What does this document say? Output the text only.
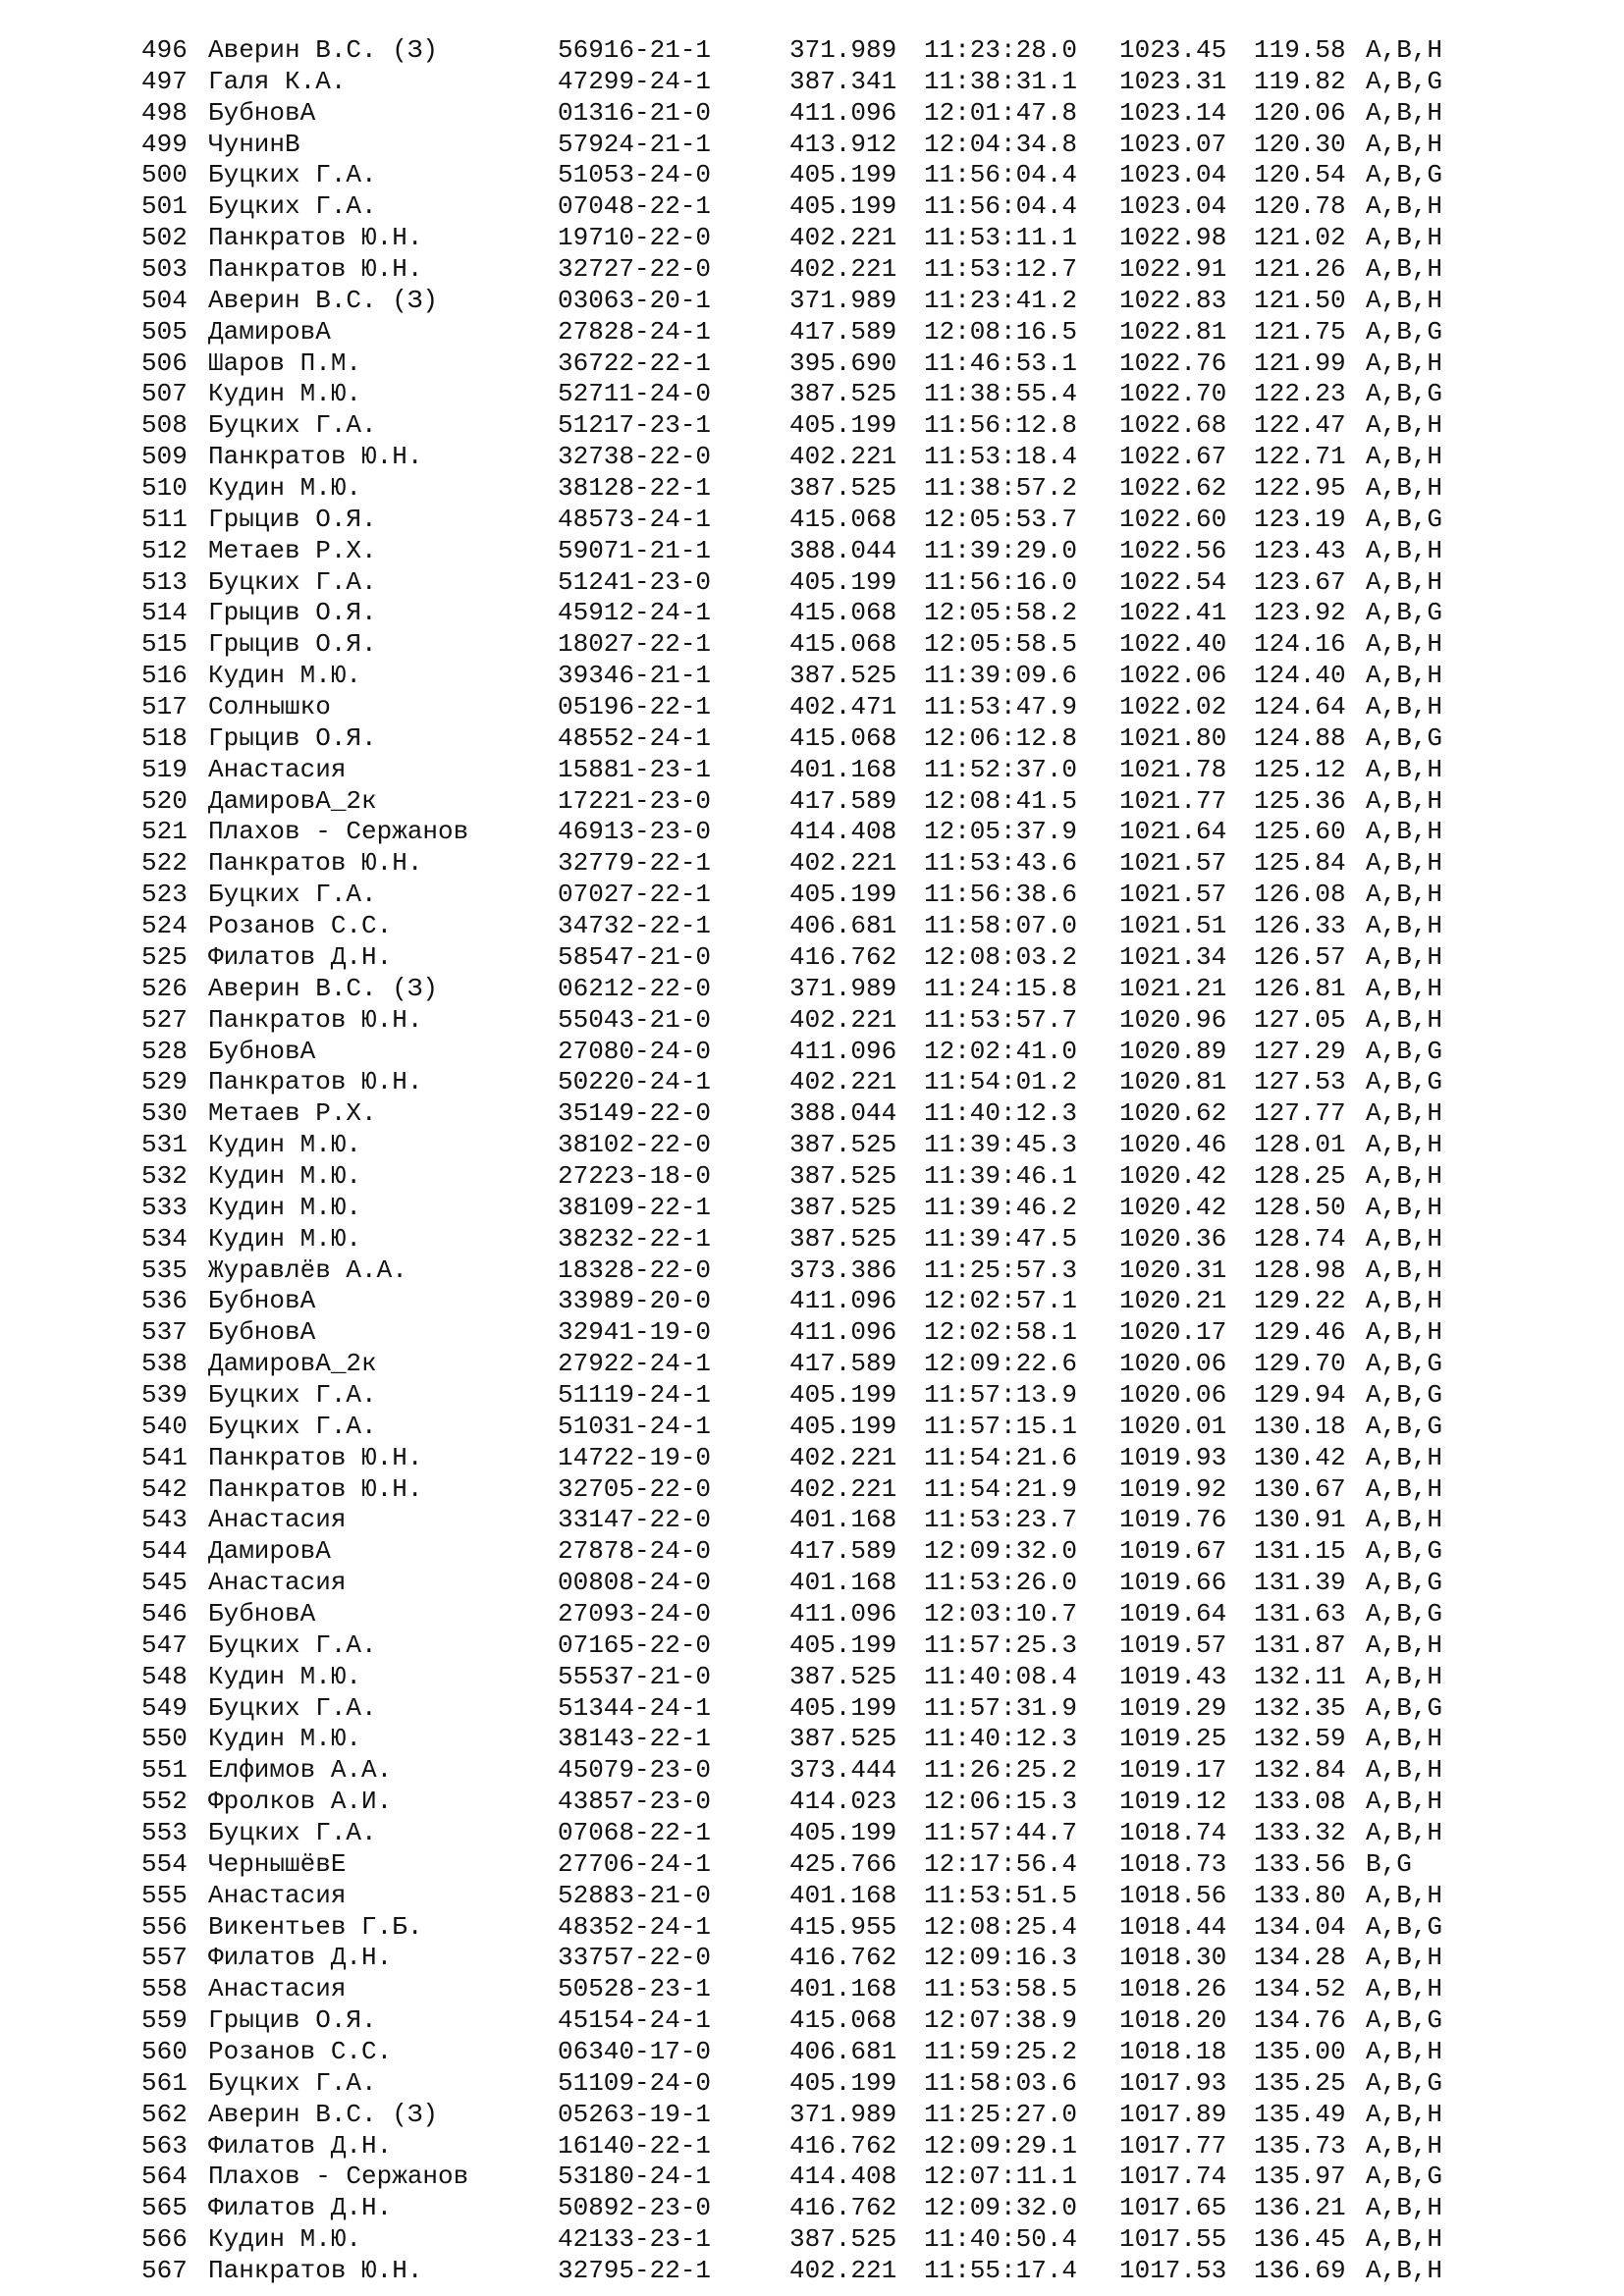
496 Аверин В.С. (З)	56916-21-1	371.989 11:23:28.0 1023.45 119.58 A,B,H
497 Галя К.А.	47299-24-1	387.341 11:38:31.1 1023.31 119.82 A,B,G
498 БубновА	01316-21-0	411.096 12:01:47.8 1023.14 120.06 A,B,H
499 ЧунинВ	57924-21-1	413.912 12:04:34.8 1023.07 120.30 A,B,H
500 Буцких Г.А.	51053-24-0	405.199 11:56:04.4 1023.04 120.54 A,B,G
501 Буцких Г.А.	07048-22-1	405.199 11:56:04.4 1023.04 120.78 A,B,H
502 Панкратов Ю.Н.	19710-22-0	402.221 11:53:11.1 1022.98 121.02 A,B,H
503 Панкратов Ю.Н.	32727-22-0	402.221 11:53:12.7 1022.91 121.26 A,B,H
504 Аверин В.С. (З)	03063-20-1	371.989 11:23:41.2 1022.83 121.50 A,B,H
505 ДамировА	27828-24-1	417.589 12:08:16.5 1022.81 121.75 A,B,G
506 Шаров П.М.	36722-22-1	395.690 11:46:53.1 1022.76 121.99 A,B,H
507 Кудин М.Ю.	52711-24-0	387.525 11:38:55.4 1022.70 122.23 A,B,G
508 Буцких Г.А.	51217-23-1	405.199 11:56:12.8 1022.68 122.47 A,B,H
509 Панкратов Ю.Н.	32738-22-0	402.221 11:53:18.4 1022.67 122.71 A,B,H
510 Кудин М.Ю.	38128-22-1	387.525 11:38:57.2 1022.62 122.95 A,B,H
511 Грыцив О.Я.	48573-24-1	415.068 12:05:53.7 1022.60 123.19 A,B,G
512 Метаев Р.Х.	59071-21-1	388.044 11:39:29.0 1022.56 123.43 A,B,H
513 Буцких Г.А.	51241-23-0	405.199 11:56:16.0 1022.54 123.67 A,B,H
514 Грыцив О.Я.	45912-24-1	415.068 12:05:58.2 1022.41 123.92 A,B,G
515 Грыцив О.Я.	18027-22-1	415.068 12:05:58.5 1022.40 124.16 A,B,H
516 Кудин М.Ю.	39346-21-1	387.525 11:39:09.6 1022.06 124.40 A,B,H
517 Солнышко	05196-22-1	402.471 11:53:47.9 1022.02 124.64 A,B,H
518 Грыцив О.Я.	48552-24-1	415.068 12:06:12.8 1021.80 124.88 A,B,G
519 Анастасия	15881-23-1	401.168 11:52:37.0 1021.78 125.12 A,B,H
520 ДамировА_2к	17221-23-0	417.589 12:08:41.5 1021.77 125.36 A,B,H
521 Плахов - Сержанов	46913-23-0	414.408 12:05:37.9 1021.64 125.60 A,B,H
522 Панкратов Ю.Н.	32779-22-1	402.221 11:53:43.6 1021.57 125.84 A,B,H
523 Буцких Г.А.	07027-22-1	405.199 11:56:38.6 1021.57 126.08 A,B,H
524 Розанов С.С.	34732-22-1	406.681 11:58:07.0 1021.51 126.33 A,B,H
525 Филатов Д.Н.	58547-21-0	416.762 12:08:03.2 1021.34 126.57 A,B,H
526 Аверин В.С. (З)	06212-22-0	371.989 11:24:15.8 1021.21 126.81 A,B,H
527 Панкратов Ю.Н.	55043-21-0	402.221 11:53:57.7 1020.96 127.05 A,B,H
528 БубновА	27080-24-0	411.096 12:02:41.0 1020.89 127.29 A,B,G
529 Панкратов Ю.Н.	50220-24-1	402.221 11:54:01.2 1020.81 127.53 A,B,G
530 Метаев Р.Х.	35149-22-0	388.044 11:40:12.3 1020.62 127.77 A,B,H
531 Кудин М.Ю.	38102-22-0	387.525 11:39:45.3 1020.46 128.01 A,B,H
532 Кудин М.Ю.	27223-18-0	387.525 11:39:46.1 1020.42 128.25 A,B,H
533 Кудин М.Ю.	38109-22-1	387.525 11:39:46.2 1020.42 128.50 A,B,H
534 Кудин М.Ю.	38232-22-1	387.525 11:39:47.5 1020.36 128.74 A,B,H
535 Журавлёв А.А.	18328-22-0	373.386 11:25:57.3 1020.31 128.98 A,B,H
536 БубновА	33989-20-0	411.096 12:02:57.1 1020.21 129.22 A,B,H
537 БубновА	32941-19-0	411.096 12:02:58.1 1020.17 129.46 A,B,H
538 ДамировА_2к	27922-24-1	417.589 12:09:22.6 1020.06 129.70 A,B,G
539 Буцких Г.А.	51119-24-1	405.199 11:57:13.9 1020.06 129.94 A,B,G
540 Буцких Г.А.	51031-24-1	405.199 11:57:15.1 1020.01 130.18 A,B,G
541 Панкратов Ю.Н.	14722-19-0	402.221 11:54:21.6 1019.93 130.42 A,B,H
542 Панкратов Ю.Н.	32705-22-0	402.221 11:54:21.9 1019.92 130.67 A,B,H
543 Анастасия	33147-22-0	401.168 11:53:23.7 1019.76 130.91 A,B,H
544 ДамировА	27878-24-0	417.589 12:09:32.0 1019.67 131.15 A,B,G
545 Анастасия	00808-24-0	401.168 11:53:26.0 1019.66 131.39 A,B,G
546 БубновА	27093-24-0	411.096 12:03:10.7 1019.64 131.63 A,B,G
547 Буцких Г.А.	07165-22-0	405.199 11:57:25.3 1019.57 131.87 A,B,H
548 Кудин М.Ю.	55537-21-0	387.525 11:40:08.4 1019.43 132.11 A,B,H
549 Буцких Г.А.	51344-24-1	405.199 11:57:31.9 1019.29 132.35 A,B,G
550 Кудин М.Ю.	38143-22-1	387.525 11:40:12.3 1019.25 132.59 A,B,H
551 Елфимов А.А.	45079-23-0	373.444 11:26:25.2 1019.17 132.84 A,B,H
552 Фролков А.И.	43857-23-0	414.023 12:06:15.3 1019.12 133.08 A,B,H
553 Буцких Г.А.	07068-22-1	405.199 11:57:44.7 1018.74 133.32 A,B,H
554 ЧернышёвЕ	27706-24-1	425.766 12:17:56.4 1018.73 133.56 B,G
555 Анастасия	52883-21-0	401.168 11:53:51.5 1018.56 133.80 A,B,H
556 Викентьев Г.Б.	48352-24-1	415.955 12:08:25.4 1018.44 134.04 A,B,G
557 Филатов Д.Н.	33757-22-0	416.762 12:09:16.3 1018.30 134.28 A,B,H
558 Анастасия	50528-23-1	401.168 11:53:58.5 1018.26 134.52 A,B,H
559 Грыцив О.Я.	45154-24-1	415.068 12:07:38.9 1018.20 134.76 A,B,G
560 Розанов С.С.	06340-17-0	406.681 11:59:25.2 1018.18 135.00 A,B,H
561 Буцких Г.А.	51109-24-0	405.199 11:58:03.6 1017.93 135.25 A,B,G
562 Аверин В.С. (З)	05263-19-1	371.989 11:25:27.0 1017.89 135.49 A,B,H
563 Филатов Д.Н.	16140-22-1	416.762 12:09:29.1 1017.77 135.73 A,B,H
564 Плахов - Сержанов	53180-24-1	414.408 12:07:11.1 1017.74 135.97 A,B,G
565 Филатов Д.Н.	50892-23-0	416.762 12:09:32.0 1017.65 136.21 A,B,H
566 Кудин М.Ю.	42133-23-1	387.525 11:40:50.4 1017.55 136.45 A,B,H
567 Панкратов Ю.Н.	32795-22-1	402.221 11:55:17.4 1017.53 136.69 A,B,H
